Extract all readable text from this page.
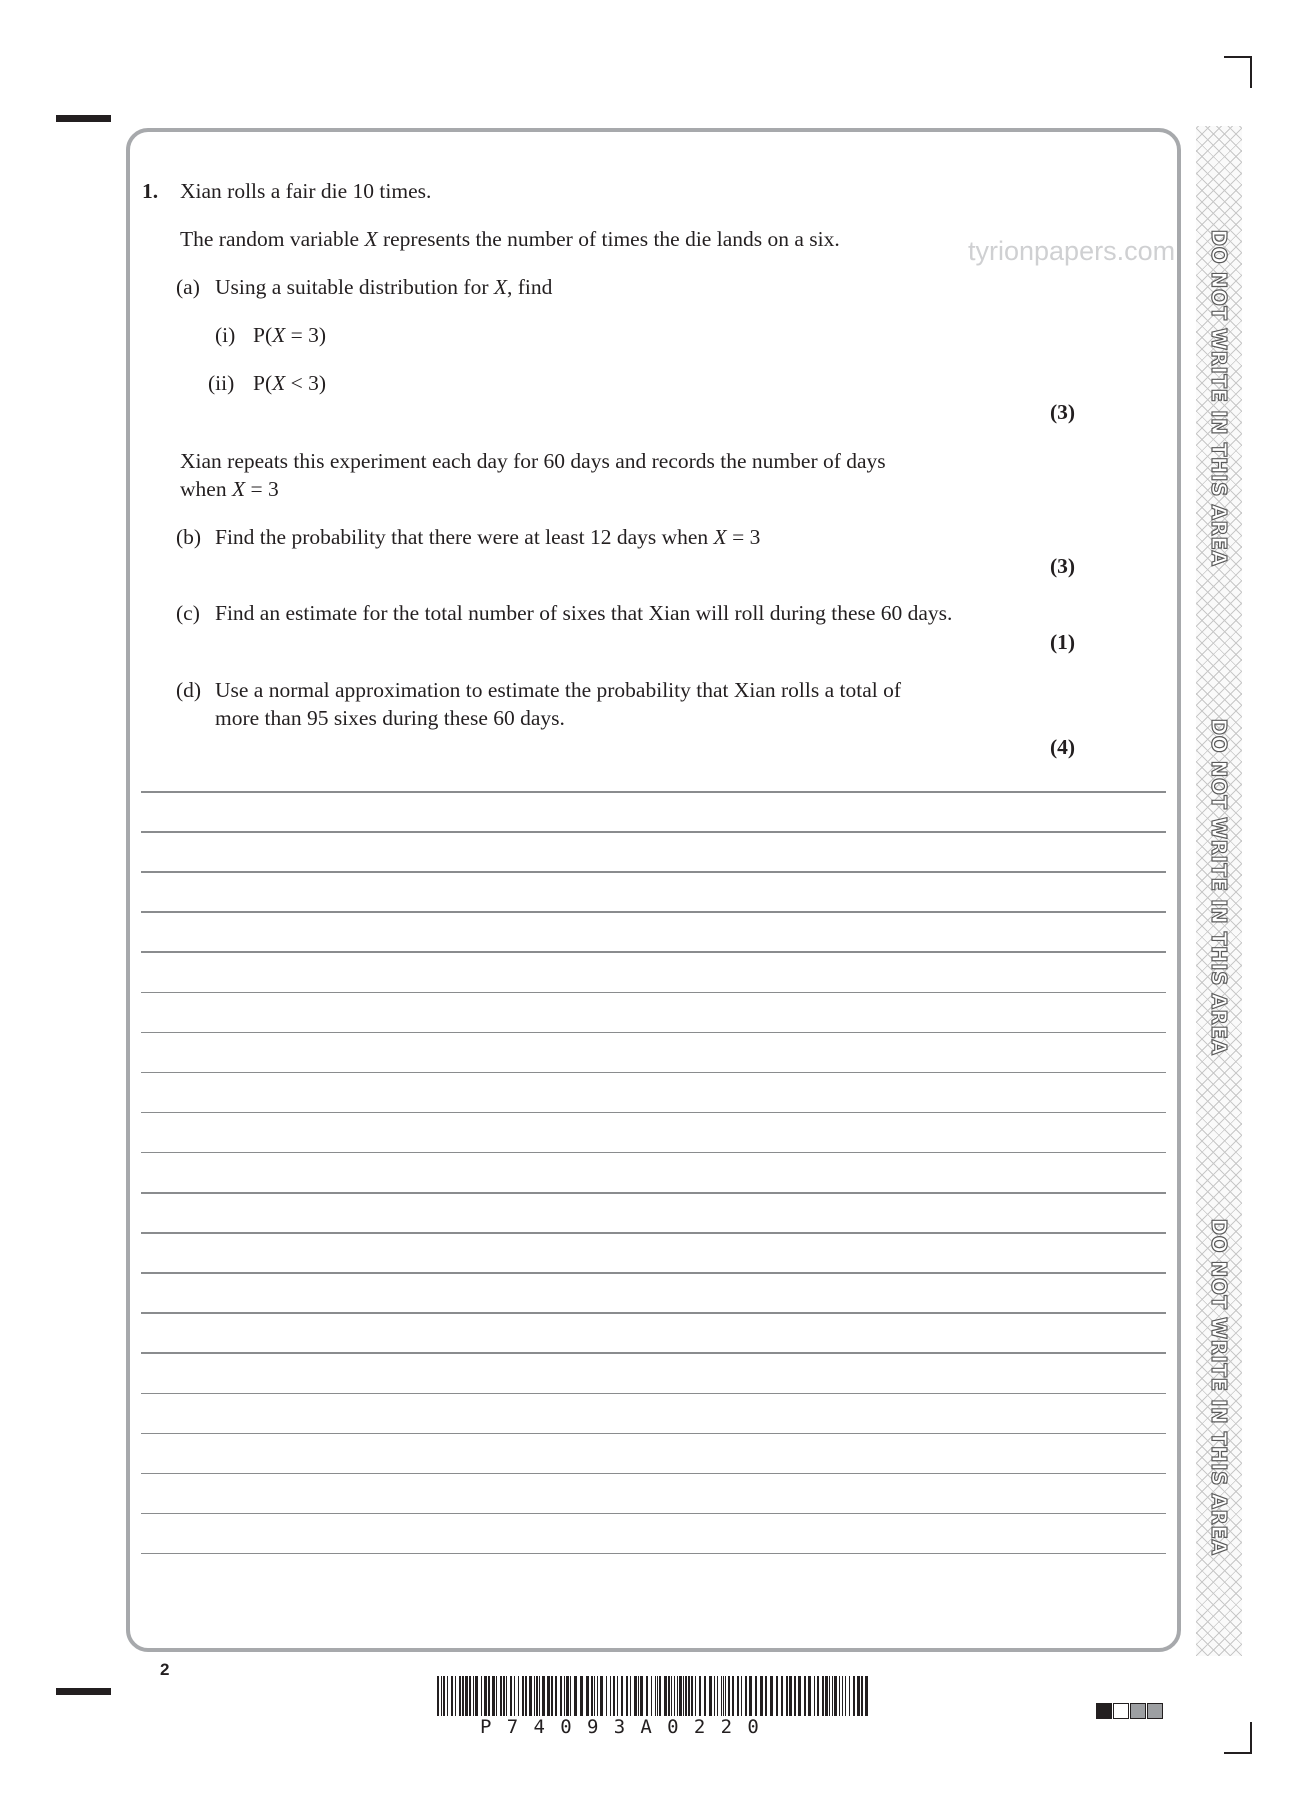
DO NOT WRITE IN THIS AREA
DO NOT WRITE IN THIS AREA
DO NOT WRITE IN THIS AREA
tyrionpapers.com
1. Xian rolls a fair die 10 times.
The random variable X represents the number of times the die lands on a six.
(a) Using a suitable distribution for X, find
(i) P(X = 3)
(ii) P(X < 3)
(3)
Xian repeats this experiment each day for 60 days and records the number of days
when X = 3
(b) Find the probability that there were at least 12 days when X = 3
(3)
(c) Find an estimate for the total number of sixes that Xian will roll during these 60 days.
(1)
(d) Use a normal approximation to estimate the probability that Xian rolls a total of
more than 95 sixes during these 60 days.
(4)
2
P74093A0220
